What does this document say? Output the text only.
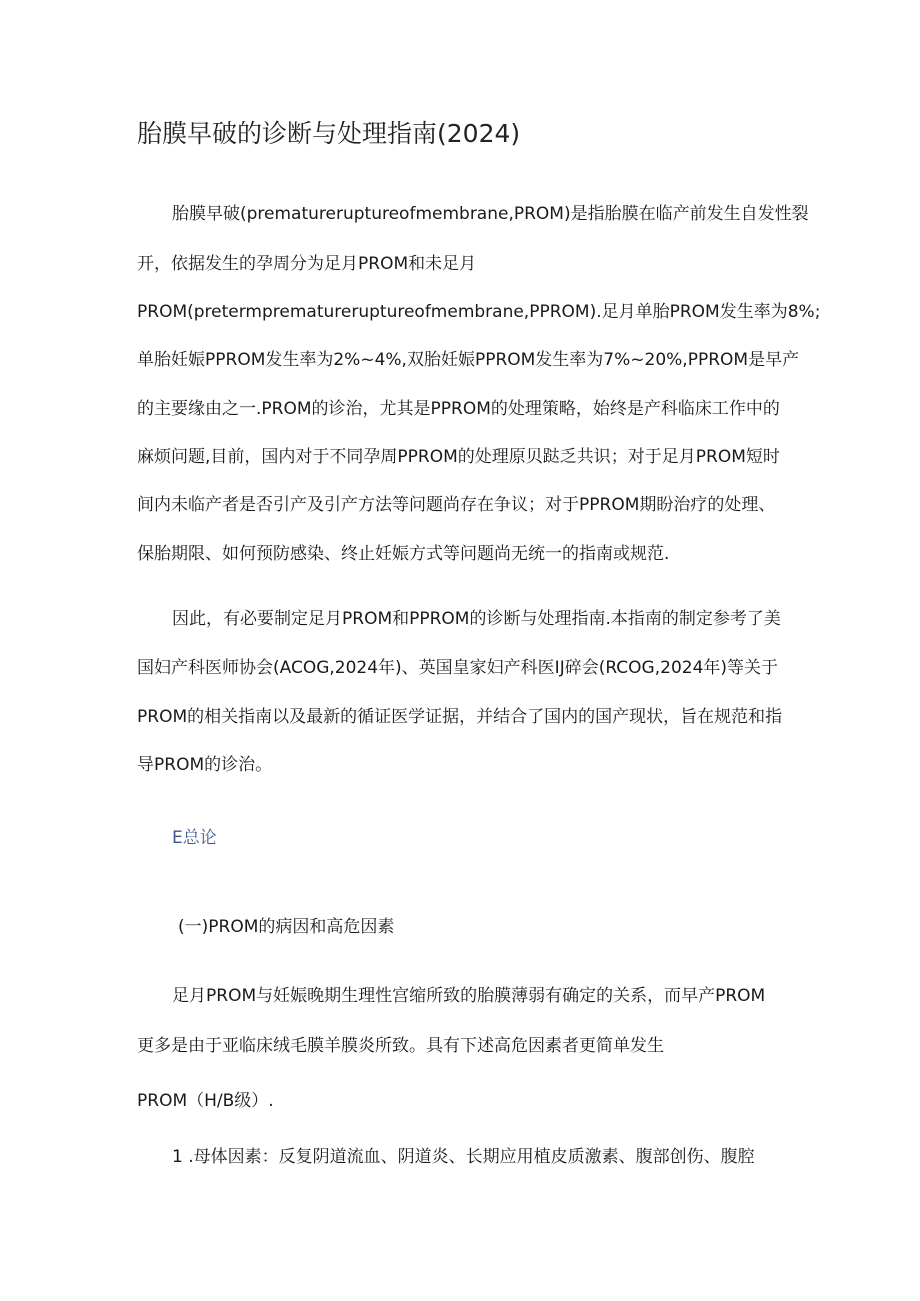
胎膜早破的诊断与处理指南(2024)
胎膜早破(prematureruptureofmembrane,PROM)是指胎膜在临产前发生自发性裂
开，依据发生的孕周分为足月PROM和未足月
PROM(pretermprematureruptureofmembrane,PPROM).足月单胎PROM发生率为8%;
单胎妊娠PPROM发生率为2%~4%,双胎妊娠PPROM发生率为7%~20%,PPROM是早产
的主要缘由之一.PROM的诊治，尤其是PPROM的处理策略，始终是产科临床工作中的
麻烦问题,目前，国内对于不同孕周PPROM的处理原贝跶乏共识；对于足月PROM短时
间内未临产者是否引产及引产方法等问题尚存在争议；对于PPROM期盼治疗的处理、
保胎期限、如何预防感染、终止妊娠方式等问题尚无统一的指南或规范.
因此，有必要制定足月PROM和PPROM的诊断与处理指南.本指南的制定参考了美
国妇产科医师协会(ACOG,2024年)、英国皇家妇产科医IJ碎会(RCOG,2024年)等关于
PROM的相关指南以及最新的循证医学证据，并结合了国内的国产现状，旨在规范和指
导PROM的诊治。
E总论
(一)PROM的病因和高危因素
足月PROM与妊娠晚期生理性宫缩所致的胎膜薄弱有确定的关系，而早产PROM
更多是由于亚临床绒毛膜羊膜炎所致。具有下述高危因素者更简单发生
PROM（H/B级）.
1 .母体因素：反复阴道流血、阴道炎、长期应用植皮质激素、腹部创伤、腹腔
